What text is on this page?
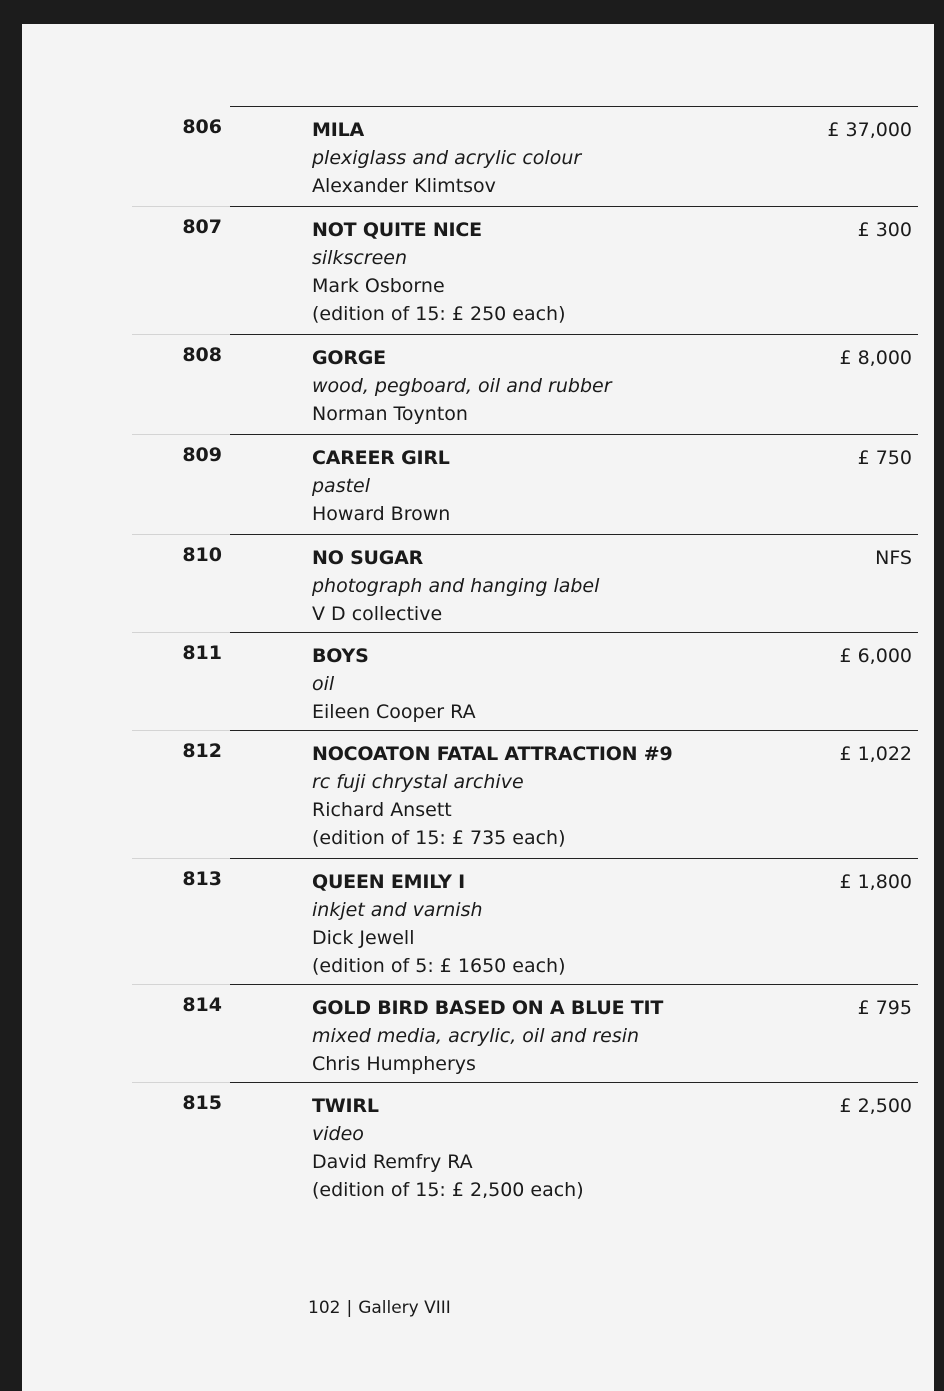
806	MILA
plexiglass and acrylic colour
Alexander Klimtsov
£ 37,000
807	NOT QUITE NICE
silkscreen
Mark Osborne
(edition of 15: £ 250 each)
£ 300
808	GORGE
wood, pegboard, oil and rubber
Norman Toynton
£ 8,000
809	CAREER GIRL
pastel
Howard Brown
£ 750
810	NO SUGAR
photograph and hanging label
V D collective
NFS
811	BOYS
oil
Eileen Cooper RA
£ 6,000
812	NOCOATON FATAL ATTRACTION #9
rc fuji chrystal archive
Richard Ansett
(edition of 15: £ 735 each)
£ 1,022
813	QUEEN EMILY I
inkjet and varnish
Dick Jewell
(edition of 5: £ 1650 each)
£ 1,800
814	GOLD BIRD BASED ON A BLUE TIT
mixed media, acrylic, oil and resin
Chris Humpherys
£ 795
815	TWIRL
video
David Remfry RA
(edition of 15: £ 2,500 each)
£ 2,500
102 | Gallery VIII
